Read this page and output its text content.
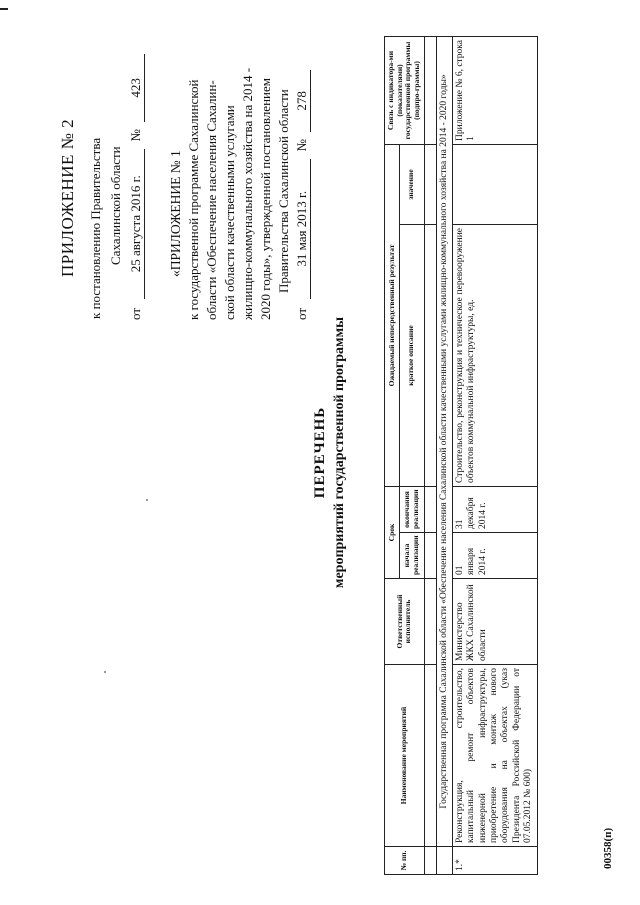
ПРИЛОЖЕНИЕ № 2 к постановлению Правительства Сахалинской области
от 25 августа 2016 г. № 423
«ПРИЛОЖЕНИЕ № 1 к государственной программе Сахалинской области «Обеспечение населения Сахалин- ской области качественными услугами жилищно-коммунального хозяйства на 2014 - 2020 годы», утвержденной постановлением Правительства Сахалинской области
от 31 мая 2013 г. № 278
ПЕРЕЧЕНЬ мероприятий государственной программы
№ пп.	Наименование мероприятий	Ответственный исполнитель	Срок		Ожидаемый непосредственный результат		Связь с индикатора-ми (показателями) государственной программы (подпро-граммы)
			начала реализации	окончания реализации	краткое описание	значение	

	Государственная программа Сахалинской области «Обеспечение населения Сахалинской области качественными услугами жилищно-коммунального хозяйства на 2014 - 2020 годы»						
1.*	Реконструкция, строительство, капитальный ремонт объектов инженерной инфраструктуры, приобретение и монтаж нового оборудования на объектах (указ Президента Российской Федерации от 07.05.2012 № 600)	Министерство ЖКХ Сахалинской области	01 января 2014 г.	31 декабря 2014 г.	Строительство, реконструкция и техническое перевооружение объектов коммунальной инфраструктуры, ед.		Приложение № 6, строка 1
00358(п)
